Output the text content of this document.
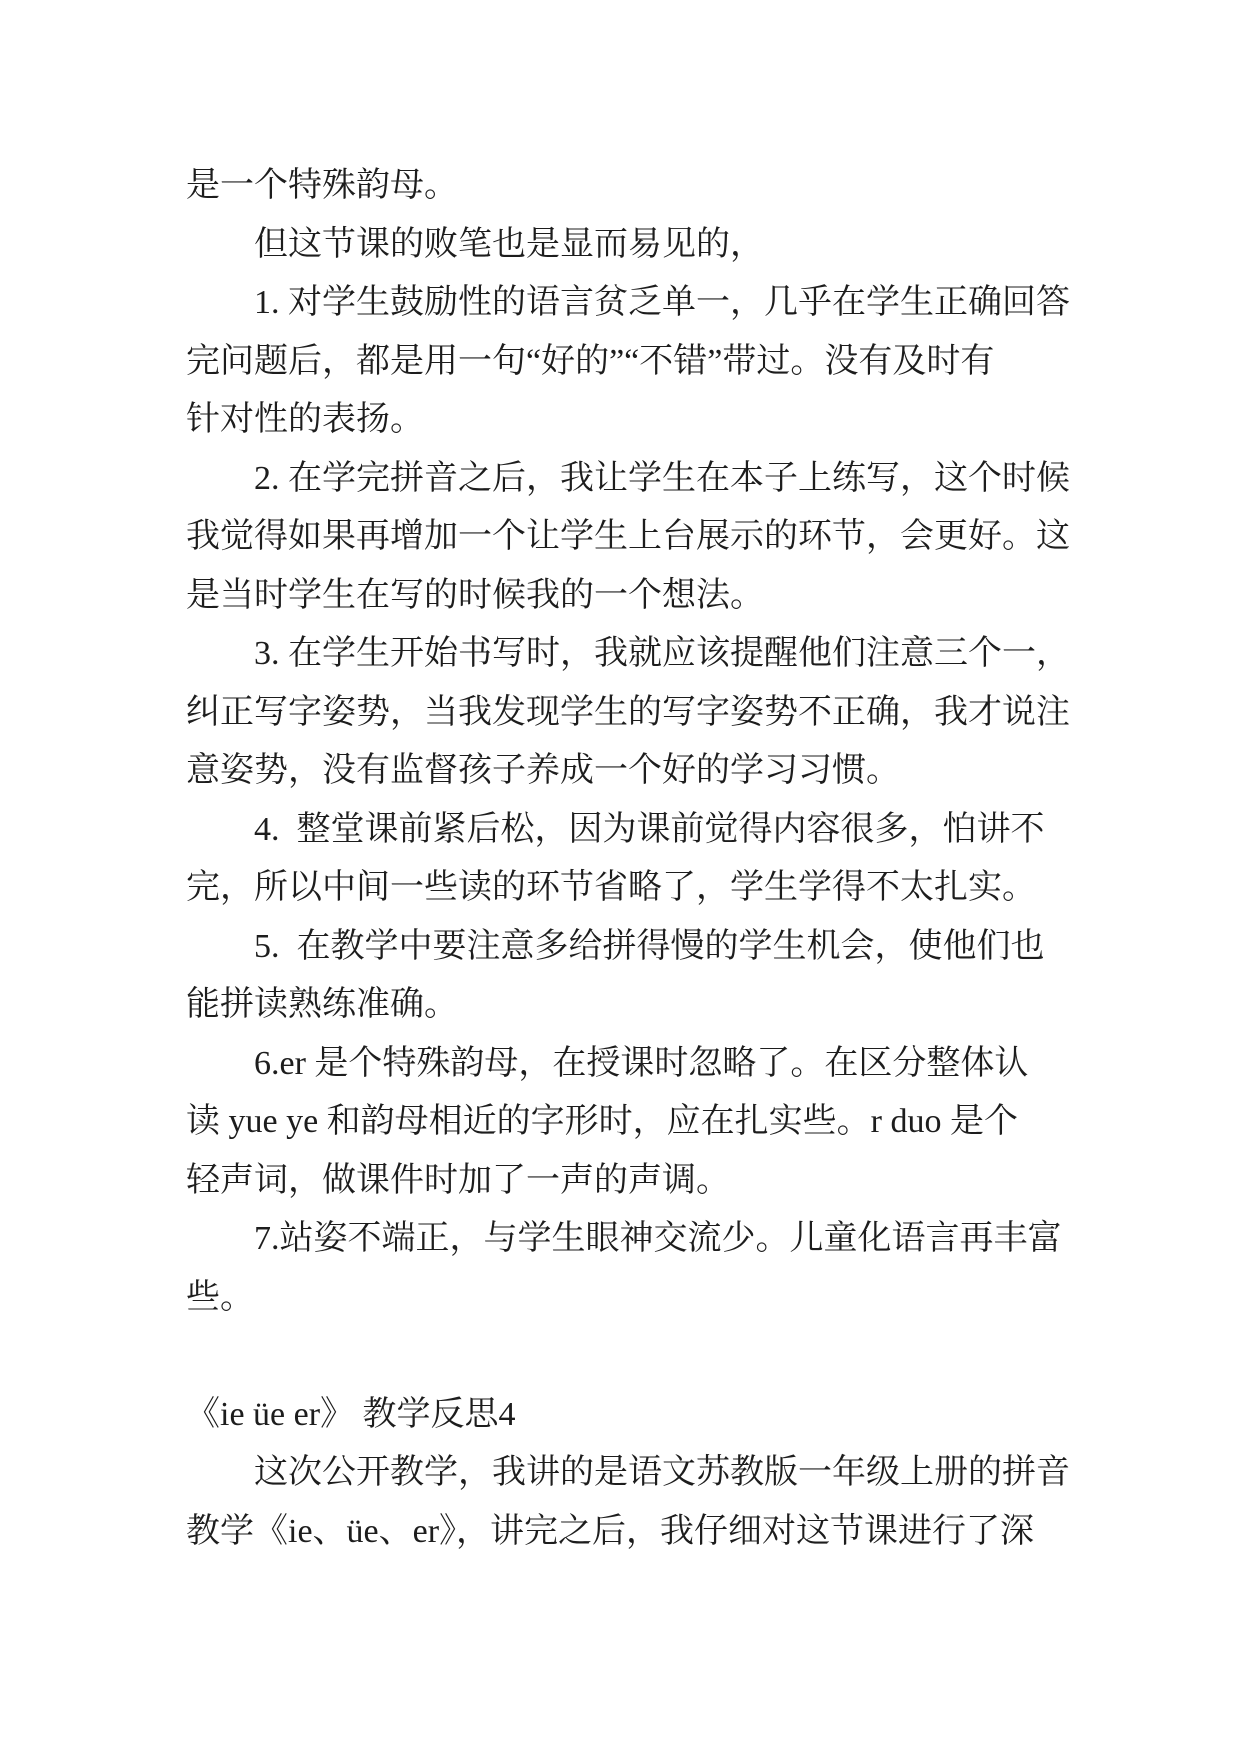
是一个特殊韵母。

但这节课的败笔也是显而易见的，

1. 对学生鼓励性的语言贫乏单一，几乎在学生正确回答

完问题后，都是用一句“好的”“不错”带过。没有及时有

针对性的表扬。

2. 在学完拼音之后，我让学生在本子上练写，这个时候

我觉得如果再增加一个让学生上台展示的环节，会更好。这

是当时学生在写的时候我的一个想法。

3. 在学生开始书写时，我就应该提醒他们注意三个一，

纠正写字姿势，当我发现学生的写字姿势不正确，我才说注

意姿势，没有监督孩子养成一个好的学习习惯。

4.  整堂课前紧后松，因为课前觉得内容很多，怕讲不

完，所以中间一些读的环节省略了，学生学得不太扎实。

5.  在教学中要注意多给拼得慢的学生机会，使他们也

能拼读熟练准确。

6.er 是个特殊韵母，在授课时忽略了。在区分整体认

读 yue ye 和韵母相近的字形时，应在扎实些。r duo 是个

轻声词，做课件时加了一声的声调。

7.站姿不端正，与学生眼神交流少。儿童化语言再丰富

些。

《ie üe er》 教学反思4

这次公开教学，我讲的是语文苏教版一年级上册的拼音

教学《ie、üe、er》，讲完之后，我仔细对这节课进行了深
